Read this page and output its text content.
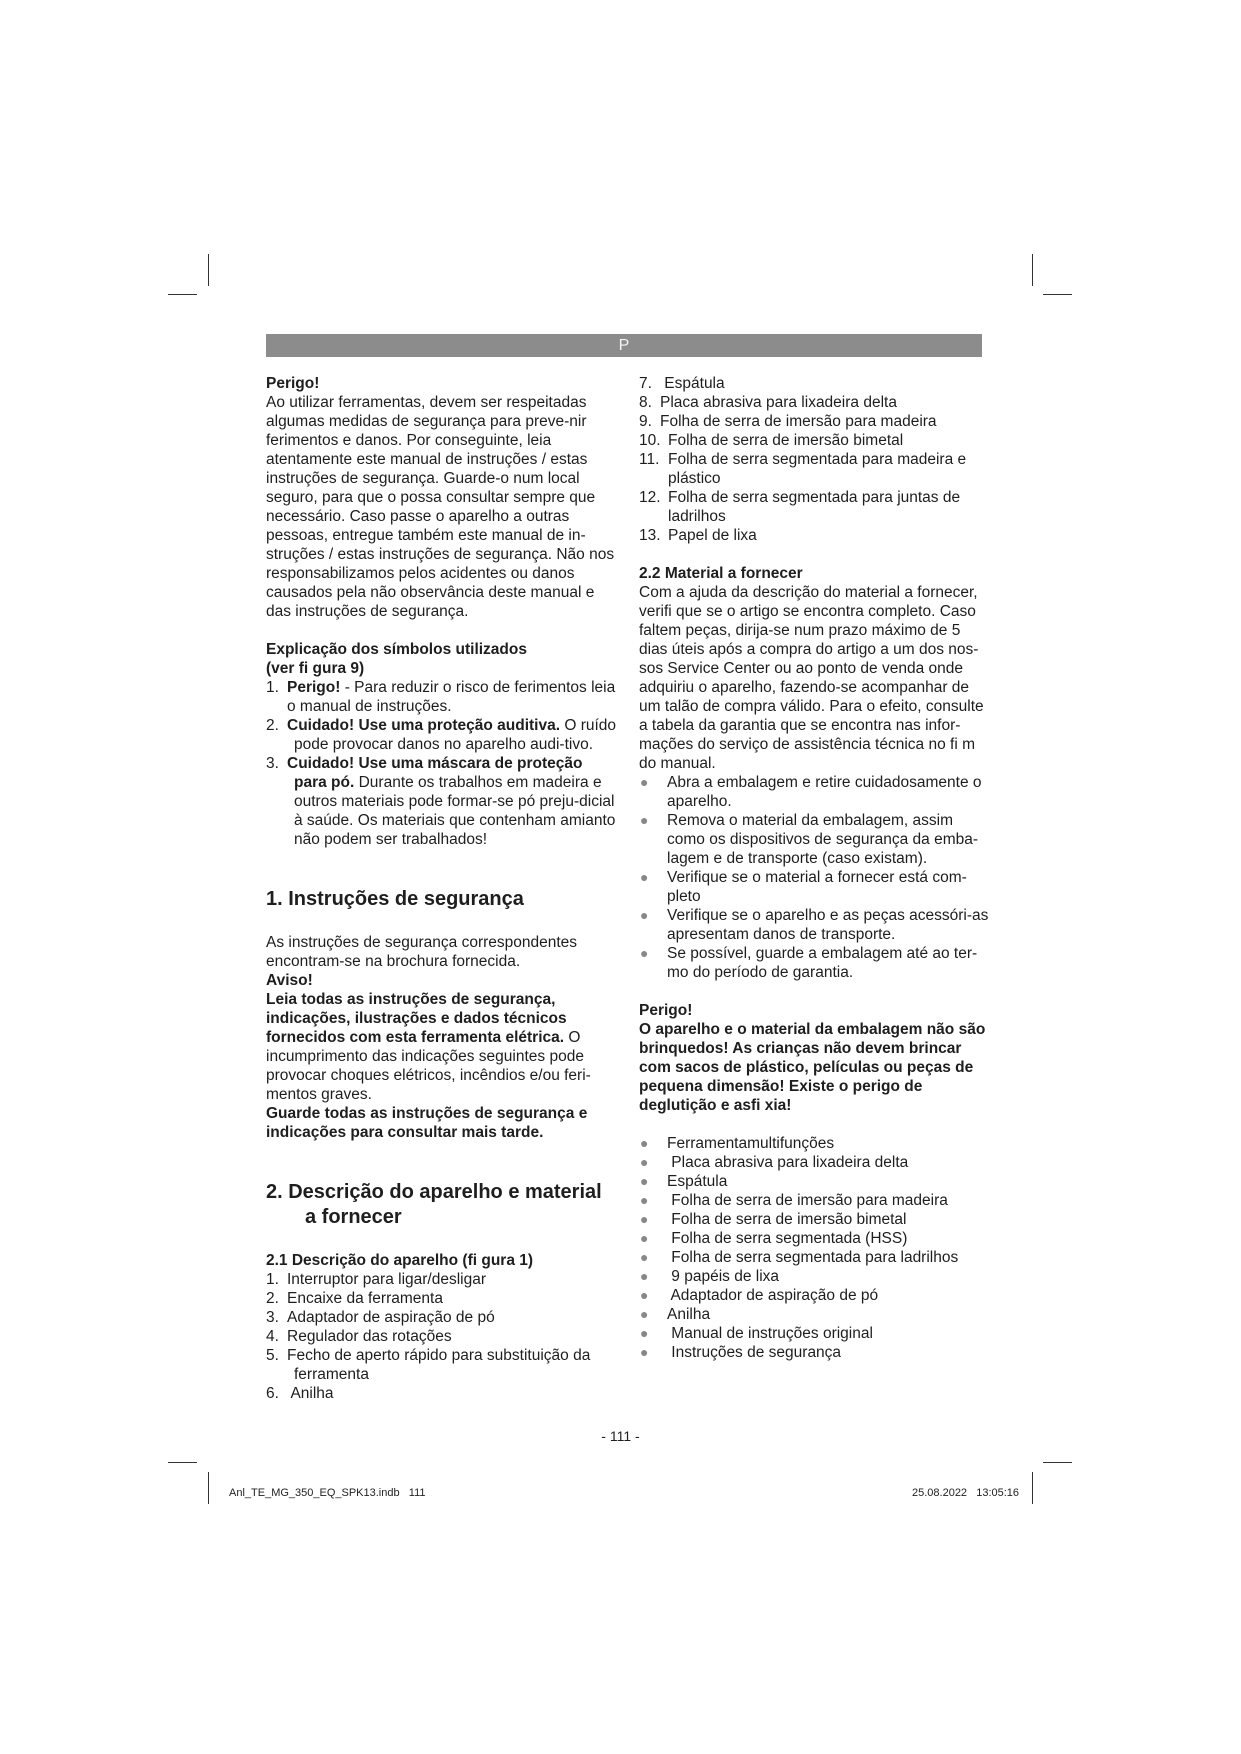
P

Perigo!

Ao utilizar ferramentas, devem ser respeitadas algumas medidas de segurança para preve-nir ferimentos e danos. Por conseguinte, leia atentamente este manual de instruções / estas instruções de segurança. Guarde-o num local seguro, para que o possa consultar sempre que necessário. Caso passe o aparelho a outras pessoas, entregue também este manual de in-struções / estas instruções de segurança. Não nos responsabilizamos pelos acidentes ou danos causados pela não observância deste manual e das instruções de segurança.

Explicação dos símbolos utilizados

(ver fi gura 9)

1. Perigo! - Para reduzir o risco de ferimentos leia o manual de instruções.
2. Cuidado! Use uma proteção auditiva. O ruído pode provocar danos no aparelho audi-tivo.
3. Cuidado! Use uma máscara de proteção para pó. Durante os trabalhos em madeira e outros materiais pode formar-se pó preju-dicial à saúde. Os materiais que contenham amianto não podem ser trabalhados!
1. Instruções de segurança

As instruções de segurança correspondentes encontram-se na brochura fornecida.

Aviso!

Leia todas as instruções de segurança, indicações, ilustrações e dados técnicos fornecidos com esta ferramenta elétrica. O incumprimento das indicações seguintes pode provocar choques elétricos, incêndios e/ou feri-mentos graves.

Guarde todas as instruções de segurança e indicações para consultar mais tarde.

2. Descrição do aparelho e material
a fornecer

2.1 Descrição do aparelho (fi gura 1)

1. Interruptor para ligar/desligar
2. Encaixe da ferramenta
3. Adaptador de aspiração de pó
4. Regulador das rotações
5. Fecho de aperto rápido para substituição da ferramenta
6. Anilha
7. Espátula
8. Placa abrasiva para lixadeira delta
9. Folha de serra de imersão para madeira
10. Folha de serra de imersão bimetal
11. Folha de serra segmentada para madeira e plástico
12. Folha de serra segmentada para juntas de ladrilhos
13. Papel de lixa

2.2 Material a fornecer

Com a ajuda da descrição do material a fornecer, verifi que se o artigo se encontra completo. Caso faltem peças, dirija-se num prazo máximo de 5 dias úteis após a compra do artigo a um dos nos-sos Service Center ou ao ponto de venda onde adquiriu o aparelho, fazendo-se acompanhar de um talão de compra válido. Para o efeito, consulte a tabela da garantia que se encontra nas infor-mações do serviço de assistência técnica no fi m do manual.

● Abra a embalagem e retire cuidadosamente o aparelho.
● Remova o material da embalagem, assim como os dispositivos de segurança da emba-lagem e de transporte (caso existam).
● Verifique se o material a fornecer está com-pleto
● Verifique se o aparelho e as peças acessóri-as apresentam danos de transporte.
● Se possível, guarde a embalagem até ao ter-mo do período de garantia.

Perigo!

O aparelho e o material da embalagem não são brinquedos! As crianças não devem brincar com sacos de plástico, películas ou peças de pequena dimensão! Existe o perigo de deglutição e asfi xia!

● Ferramentamultifunções
● Placa abrasiva para lixadeira delta
● Espátula
● Folha de serra de imersão para madeira
● Folha de serra de imersão bimetal
● Folha de serra segmentada (HSS)
● Folha de serra segmentada para ladrilhos
● 9 papéis de lixa
● Adaptador de aspiração de pó
● Anilha
● Manual de instruções original
● Instruções de segurança
- 111 -
Anl_TE_MG_350_EQ_SPK13.indb   111	25.08.2022   13:05:16
